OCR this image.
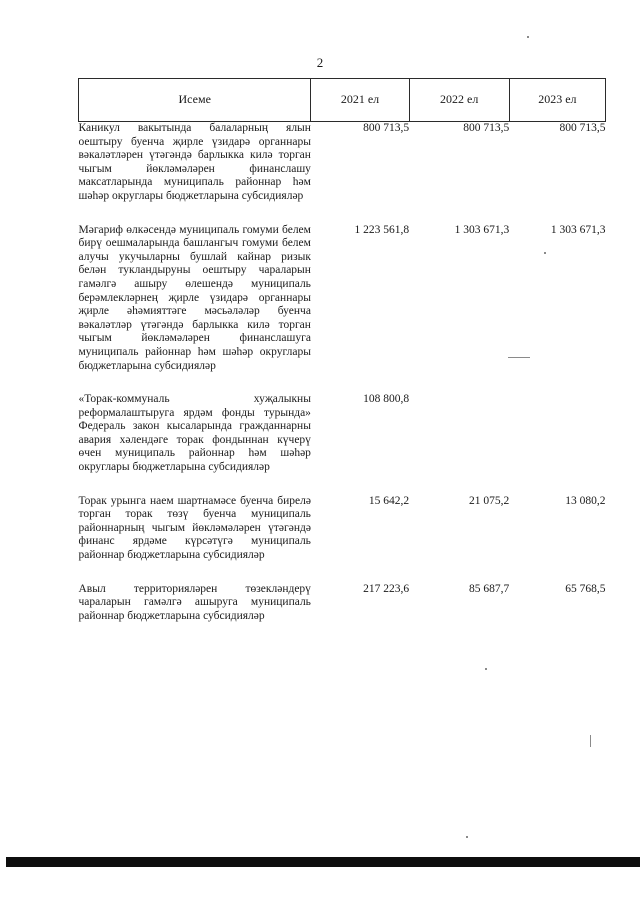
2
Исеме	2021 ел	2022 ел	2023 ел
Каникул вакытында балаларның ялын оештыру буенча җирле үзидарә органнары вәкаләтләрен үтәгәндә барлыкка килә торган чыгым йөкләмәләрен финанслашу максатларында муниципаль районнар һәм шәһәр округлары бюджетларына субсидияләр	800 713,5	800 713,5	800 713,5

Мәгариф өлкәсендә муниципаль гомуми белем бирү оешмаларында башлангыч гомуми белем алучы укучыларны бушлай кайнар ризык белән тукландыруны оештыру чараларын гамәлгә ашыру өлешендә муниципаль берәмлекләрнең җирле үзидарә органнары җирле әһәмияттәге мәсьәләләр буенча вәкаләтләр үтәгәндә барлыкка килә торган чыгым йөкләмәләрен финанслашуга муниципаль районнар һәм шәһәр округлары бюджетларына субсидияләр	1 223 561,8	1 303 671,3	1 303 671,3

«Торак-коммуналь хуҗалыкны реформалаштыруга ярдәм фонды турында» Федераль закон кысаларында гражданнарны авария хәлендәге торак фондыннан күчерү өчен муниципаль районнар һәм шәһәр округлары бюджетларына субсидияләр	108 800,8		

Торак урынга наем шартнамәсе буенча бирелә торган торак төзү буенча муниципаль районнарның чыгым йөкләмәләрен үтәгәндә финанс ярдәме күрсәтүгә муниципаль районнар бюджетларына субсидияләр	15 642,2	21 075,2	13 080,2

Авыл территорияләрен төзекләндерү чараларын гамәлгә ашыруга муниципаль районнар бюджетларына субсидияләр	217 223,6	85 687,7	65 768,5
